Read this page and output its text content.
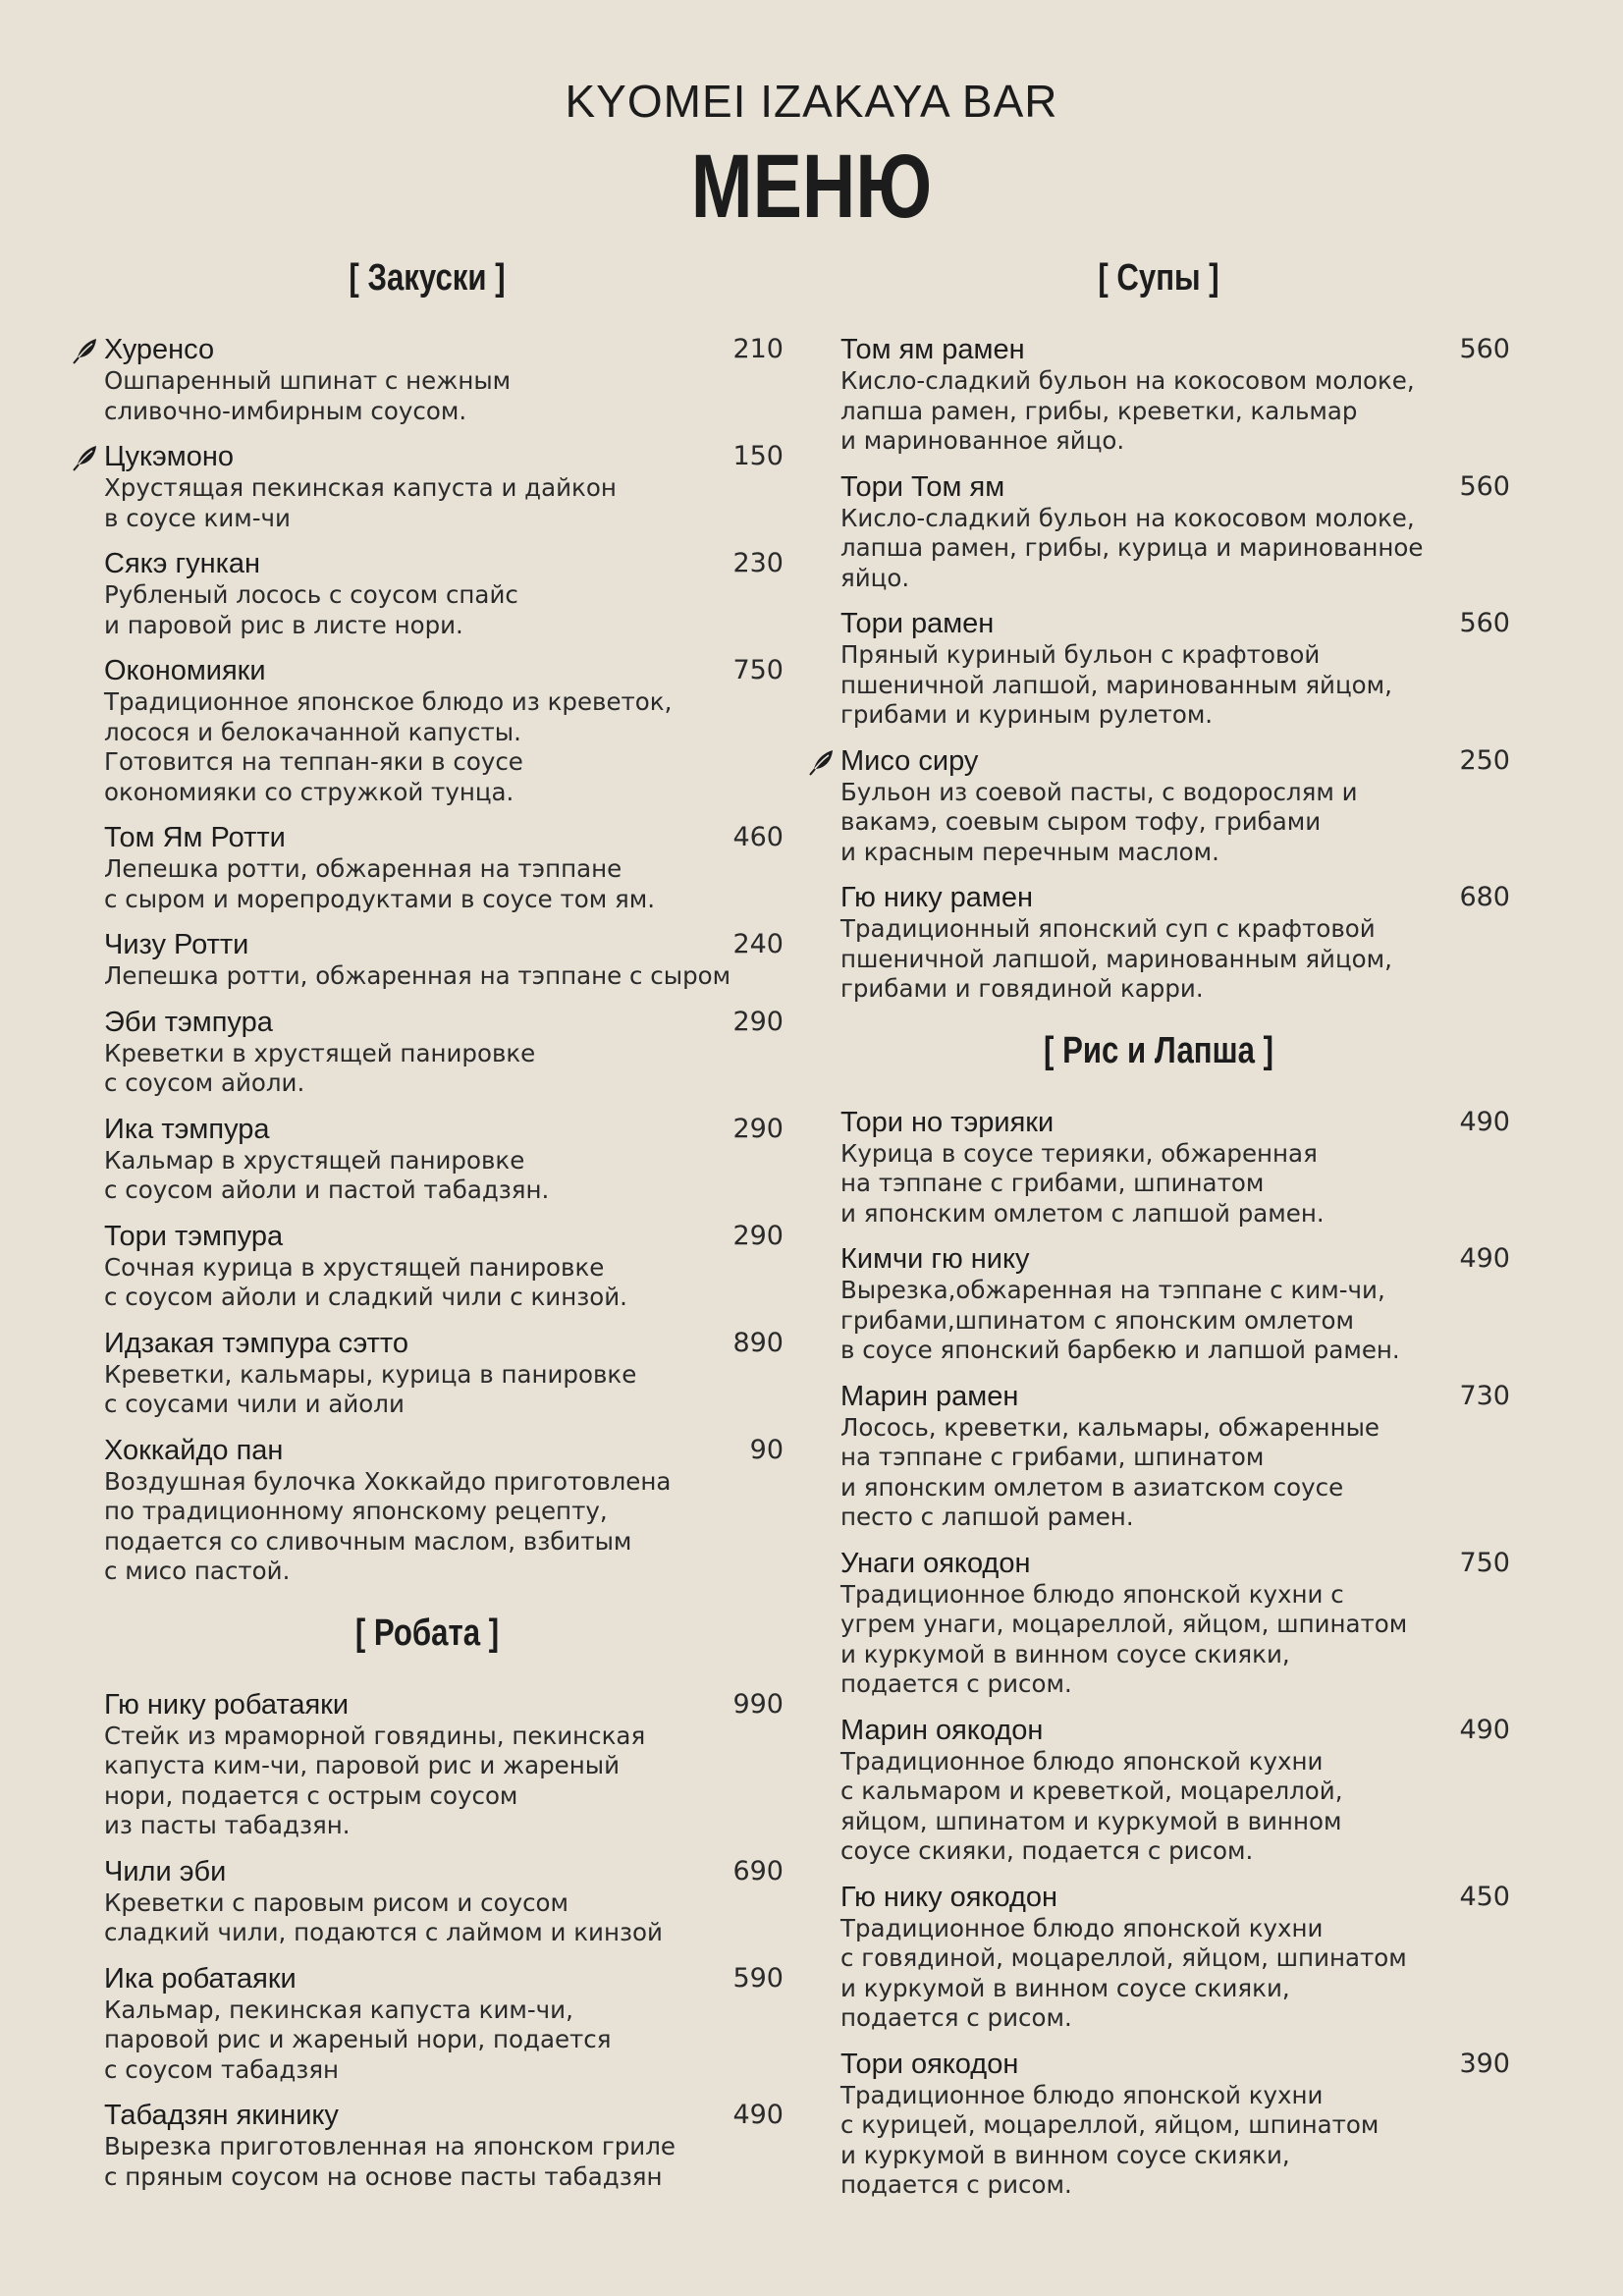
KYOMEI IZAKAYA BAR
МЕНЮ
[ Закуски ]

Хуренсо	210

Ошпаренный шпинат с нежным
сливочно-имбирным соусом.

Цукэмоно	150

Хрустящая пекинская капуста и дайкон
в соусе ким-чи

Сякэ гункан	230

Рубленый лосось с соусом спайс
и паровой рис в листе нори.

Окономияки	750

Традиционное японское блюдо из креветок,
лосося и белокачанной капусты.
Готовится на теппан-яки в соусе
окономияки со стружкой тунца.

Том Ям Ротти	460

Лепешка ротти, обжаренная на тэппане
с сыром и морепродуктами в соусе том ям.

Чизу Ротти	240

Лепешка ротти, обжаренная на тэппане с сыром

Эби тэмпура	290

Креветки в хрустящей панировке
с соусом айоли.

Ика тэмпура	290

Кальмар в хрустящей панировке
с соусом айоли и пастой табадзян.

Тори тэмпура	290

Сочная курица в хрустящей панировке
с соусом айоли и сладкий чили с кинзой.

Идзакая тэмпура сэтто	890

Креветки, кальмары, курица в панировке
с соусами чили и айоли

Хоккайдо пан	90

Воздушная булочка Хоккайдо приготовлена
по традиционному японскому рецепту,
подается со сливочным маслом, взбитым
с мисо пастой.

[ Робата ]

Гю нику робатаяки	990

Стейк из мраморной говядины, пекинская
капуста ким-чи, паровой рис и жареный
нори, подается с острым соусом
из пасты табадзян.

Чили эби	690

Креветки с паровым рисом и соусом
сладкий чили, подаются с лаймом и кинзой

Ика робатаяки	590

Кальмар, пекинская капуста ким-чи,
паровой рис и жареный нори, подается
с соусом табадзян

Табадзян якинику	490

Вырезка приготовленная на японском гриле
с пряным соусом на основе пасты табадзян

[ Супы ]

Том ям рамен	560

Кисло-сладкий бульон на кокосовом молоке,
лапша рамен, грибы, креветки, кальмар
и маринованное яйцо.

Тори Том ям	560

Кисло-сладкий бульон на кокосовом молоке,
лапша рамен, грибы, курица и маринованное
яйцо.

Тори рамен	560

Пряный куриный бульон с крафтовой
пшеничной лапшой, маринованным яйцом,
грибами и куриным рулетом.

Мисо сиру	250

Бульон из соевой пасты, с водорослям и
вакамэ, соевым сыром тофу, грибами
и красным перечным маслом.

Гю нику рамен	680

Традиционный японский суп с крафтовой
пшеничной лапшой, маринованным яйцом,
грибами и говядиной карри.

[ Рис и Лапша ]

Тори но тэрияки	490

Курица в соусе терияки, обжаренная
на тэппане с грибами, шпинатом
и японским омлетом с лапшой рамен.

Кимчи гю нику	490

Вырезка,обжаренная на тэппане с ким-чи,
грибами,шпинатом с японским омлетом
в соусе японский барбекю и лапшой рамен.

Марин рамен	730

Лосось, креветки, кальмары, обжаренные
на тэппане с грибами, шпинатом
и японским омлетом в азиатском соусе
песто с лапшой рамен.

Унаги оякодон	750

Традиционное блюдо японской кухни с
угрем унаги, моцареллой, яйцом, шпинатом
и куркумой в винном соусе скияки,
подается с рисом.

Марин оякодон	490

Традиционное блюдо японской кухни
с кальмаром и креветкой, моцареллой,
яйцом, шпинатом и куркумой в винном
соусе скияки, подается с рисом.

Гю нику оякодон	450

Традиционное блюдо японской кухни
с говядиной, моцареллой, яйцом, шпинатом
и куркумой в винном соусе скияки,
подается с рисом.

Тори оякодон	390

Традиционное блюдо японской кухни
с курицей, моцареллой, яйцом, шпинатом
и куркумой в винном соусе скияки,
подается с рисом.
